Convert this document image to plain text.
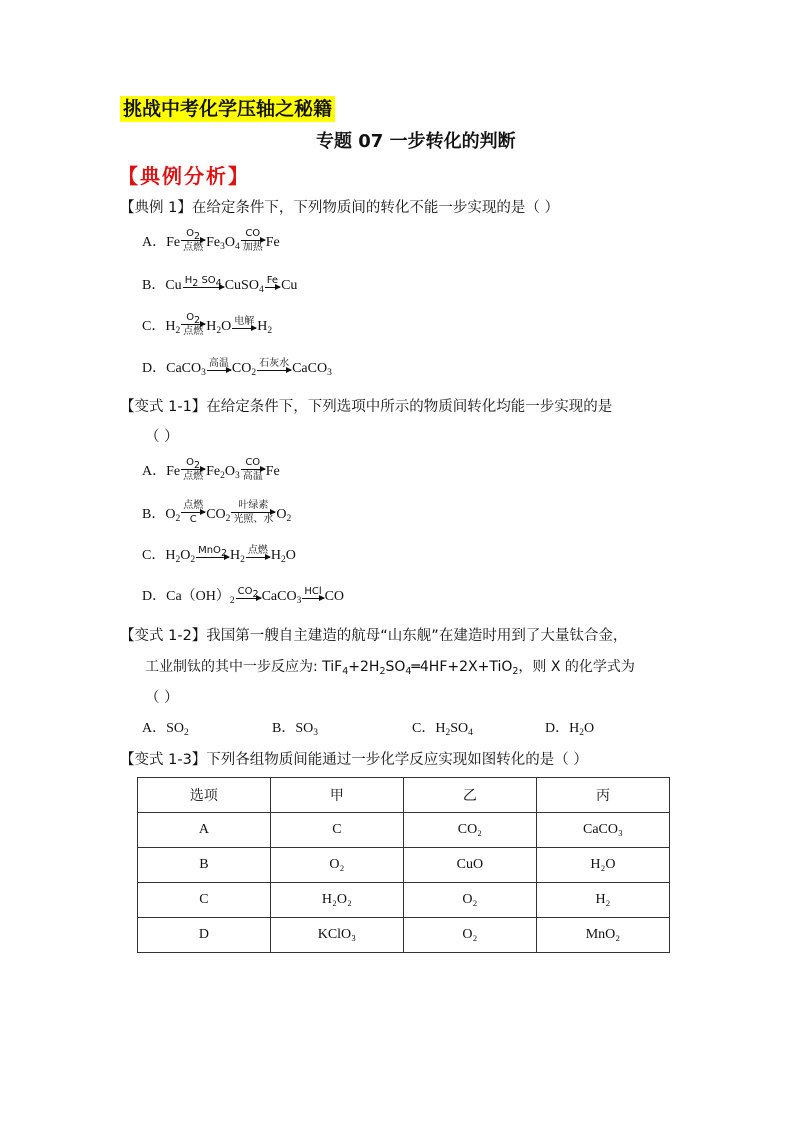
挑战中考化学压轴之秘籍
专题 07 一步转化的判断
【典例分析】
【典例 1】在给定条件下，下列物质间的转化不能一步实现的是（ ）
A．Fe
$O_2$
点燃 $Fe_3O_4$
CO
加热 Fe
B．Cu $H_2$ $SO_4$ CuSO$_4$
Fe Cu
C．$H_2$
$O_2$
点燃 $H_2O$ 电解 $H_2$
D．CaCO$_3$
高温 $CO_2$
石灰水 CaCO$_3$
【变式 1-1】在给定条件下，下列选项中所示的物质间转化均能一步实现的是
（ ）
A．Fe
$O_2$
点燃 $Fe_2O_3$
CO
高温 Fe
B．$O_2$
点燃
C $CO_2$
叶绿素
光照、水 $O_2$
C．$H_2O_2$
MnO$_2$ $H_2$
点燃 $H_2O$
D．$Ca(OH)_2$
$CO_2$ CaCO$_3$
HCl CO
【变式 1-2】我国第一艘自主建造的航母“山东舰”在建造时用到了大量钛合金，
工业制钛的其中一步反应为: $TiF_4+2H_2SO_4═4HF+2X+TiO_2$，则 X 的化学式为
（ ）
A．$SO_2$	B．$SO_3$	C．$H_2SO_4$	D．$H_2O$
【变式 1-3】下列各组物质间能通过一步化学反应实现如图转化的是（ ）
选项	甲	乙	丙
A	C	CO₂	CaCO₃
B	O₂	CuO	H₂O
C	H₂O₂	O₂	H₂
D	KClO₃	O₂	MnO₂
